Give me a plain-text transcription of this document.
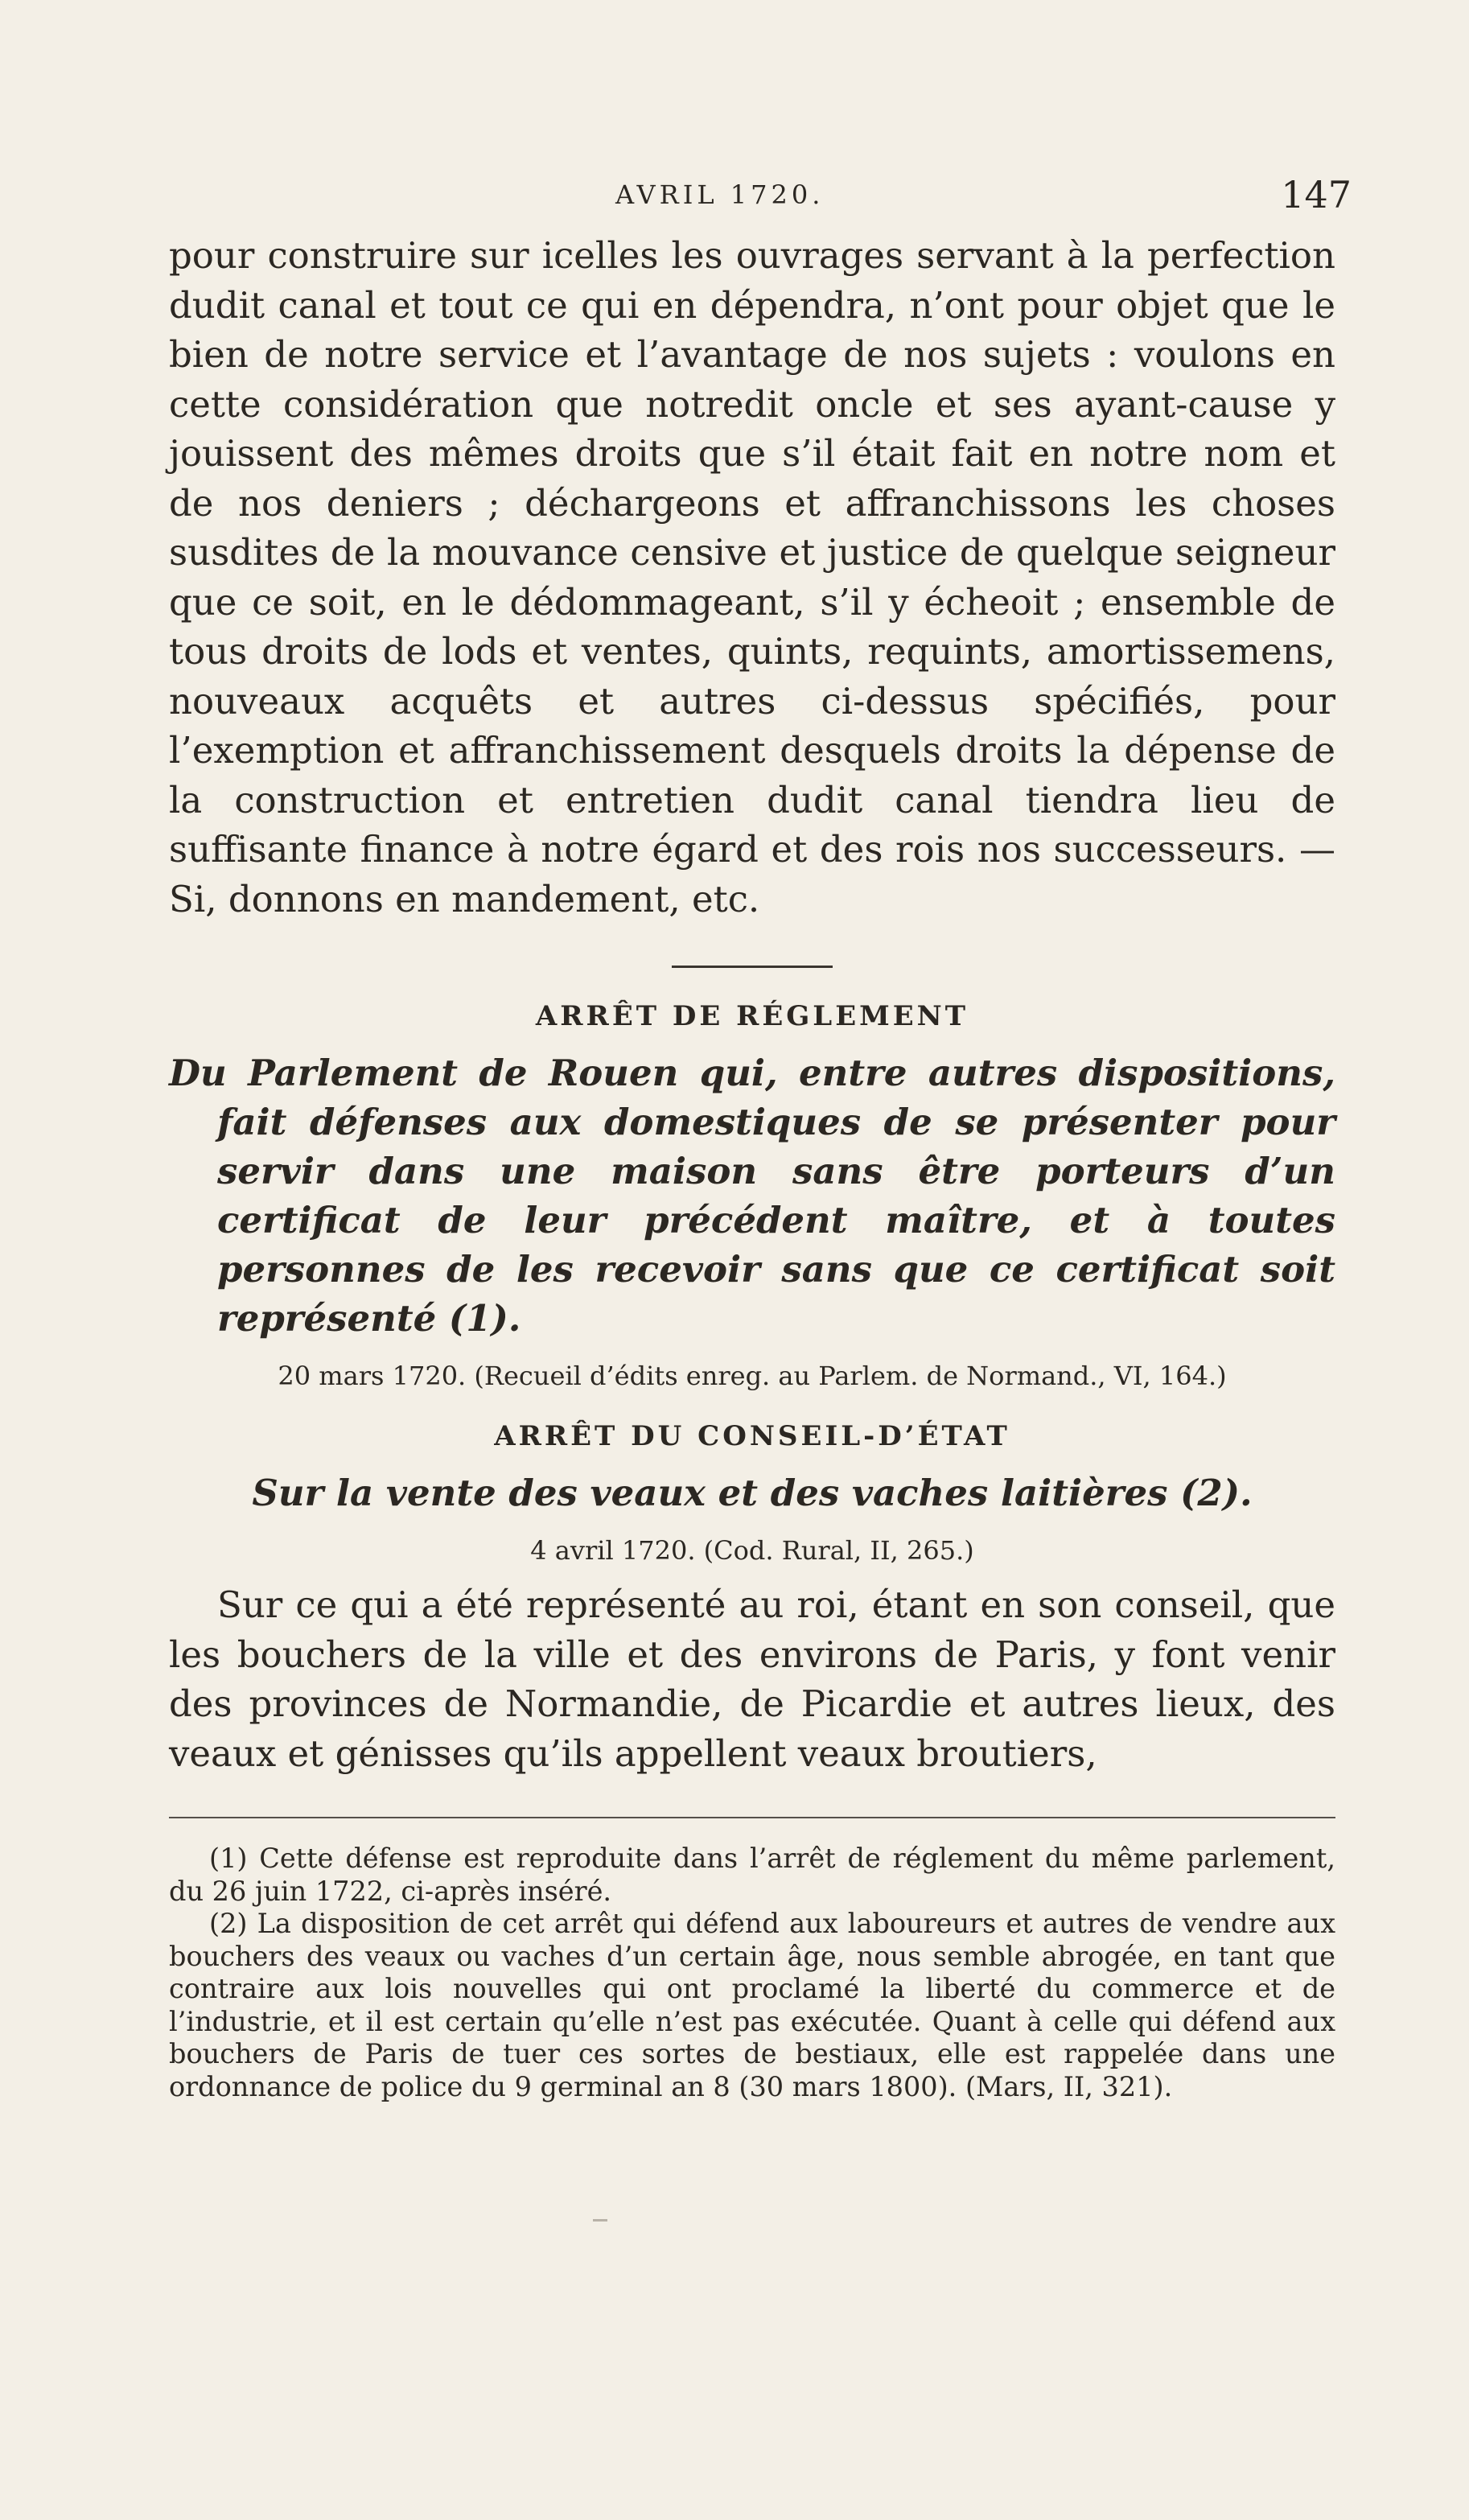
AVRIL 1720.	147

pour construire sur icelles les ouvrages servant à la perfection dudit canal et tout ce qui en dépendra, n’ont pour objet que le bien de notre service et l’avantage de nos sujets : voulons en cette considération que notredit oncle et ses ayant-cause y jouissent des mêmes droits que s’il était fait en notre nom et de nos deniers ; déchargeons et affranchissons les choses susdites de la mouvance censive et justice de quelque seigneur que ce soit, en le dédommageant, s’il y écheoit ; ensemble de tous droits de lods et ventes, quints, requints, amortissemens, nouveaux acquêts et autres ci-dessus spécifiés, pour l’exemption et affranchissement desquels droits la dépense de la construction et entretien dudit canal tiendra lieu de suffisante finance à notre égard et des rois nos successeurs. — Si, donnons en mandement, etc.

ARRÊT DE RÉGLEMENT
Du Parlement de Rouen qui, entre autres dispositions, fait défenses aux domestiques de se présenter pour servir dans une maison sans être porteurs d’un certificat de leur précédent maître, et à toutes personnes de les recevoir sans que ce certificat soit représenté (1).
20 mars 1720. (Recueil d’édits enreg. au Parlem. de Normand., VI, 164.)
ARRÊT DU CONSEIL-D’ÉTAT
Sur la vente des veaux et des vaches laitières (2).
4 avril 1720. (Cod. Rural, II, 265.)

Sur ce qui a été représenté au roi, étant en son conseil, que les bouchers de la ville et des environs de Paris, y font venir des provinces de Normandie, de Picardie et autres lieux, des veaux et génisses qu’ils appellent veaux broutiers,

(1) Cette défense est reproduite dans l’arrêt de réglement du même parlement, du 26 juin 1722, ci-après inséré.

(2) La disposition de cet arrêt qui défend aux laboureurs et autres de vendre aux bouchers des veaux ou vaches d’un certain âge, nous semble abrogée, en tant que contraire aux lois nouvelles qui ont proclamé la liberté du commerce et de l’industrie, et il est certain qu’elle n’est pas exécutée. Quant à celle qui défend aux bouchers de Paris de tuer ces sortes de bestiaux, elle est rappelée dans une ordonnance de police du 9 germinal an 8 (30 mars 1800). (Mars, II, 321).
